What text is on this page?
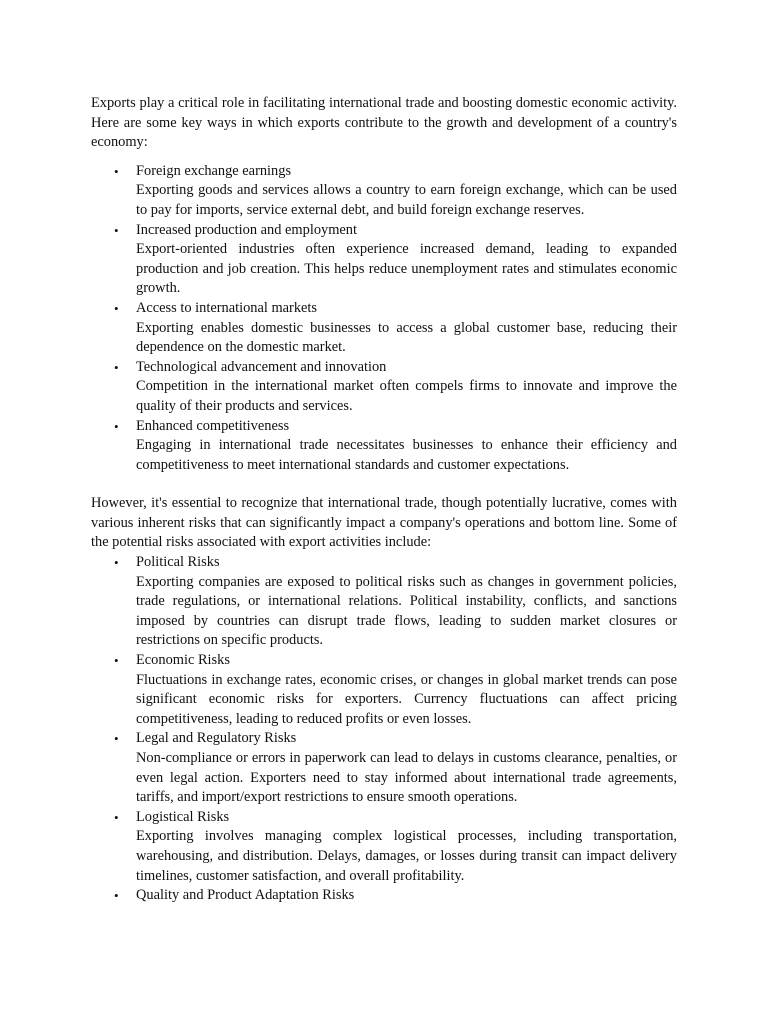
Exports play a critical role in facilitating international trade and boosting domestic economic activity. Here are some key ways in which exports contribute to the growth and development of a country's economy:

• Foreign exchange earnings
Exporting goods and services allows a country to earn foreign exchange, which can be used to pay for imports, service external debt, and build foreign exchange reserves.
• Increased production and employment
Export-oriented industries often experience increased demand, leading to expanded production and job creation. This helps reduce unemployment rates and stimulates economic growth.
• Access to international markets
Exporting enables domestic businesses to access a global customer base, reducing their dependence on the domestic market.
• Technological advancement and innovation
Competition in the international market often compels firms to innovate and improve the quality of their products and services.
• Enhanced competitiveness
Engaging in international trade necessitates businesses to enhance their efficiency and competitiveness to meet international standards and customer expectations.

However, it's essential to recognize that international trade, though potentially lucrative, comes with various inherent risks that can significantly impact a company's operations and bottom line. Some of the potential risks associated with export activities include:

• Political Risks
Exporting companies are exposed to political risks such as changes in government policies, trade regulations, or international relations. Political instability, conflicts, and sanctions imposed by countries can disrupt trade flows, leading to sudden market closures or restrictions on specific products.
• Economic Risks
Fluctuations in exchange rates, economic crises, or changes in global market trends can pose significant economic risks for exporters. Currency fluctuations can affect pricing competitiveness, leading to reduced profits or even losses.
• Legal and Regulatory Risks
Non-compliance or errors in paperwork can lead to delays in customs clearance, penalties, or even legal action. Exporters need to stay informed about international trade agreements, tariffs, and import/export restrictions to ensure smooth operations.
• Logistical Risks
Exporting involves managing complex logistical processes, including transportation, warehousing, and distribution. Delays, damages, or losses during transit can impact delivery timelines, customer satisfaction, and overall profitability.
• Quality and Product Adaptation Risks
